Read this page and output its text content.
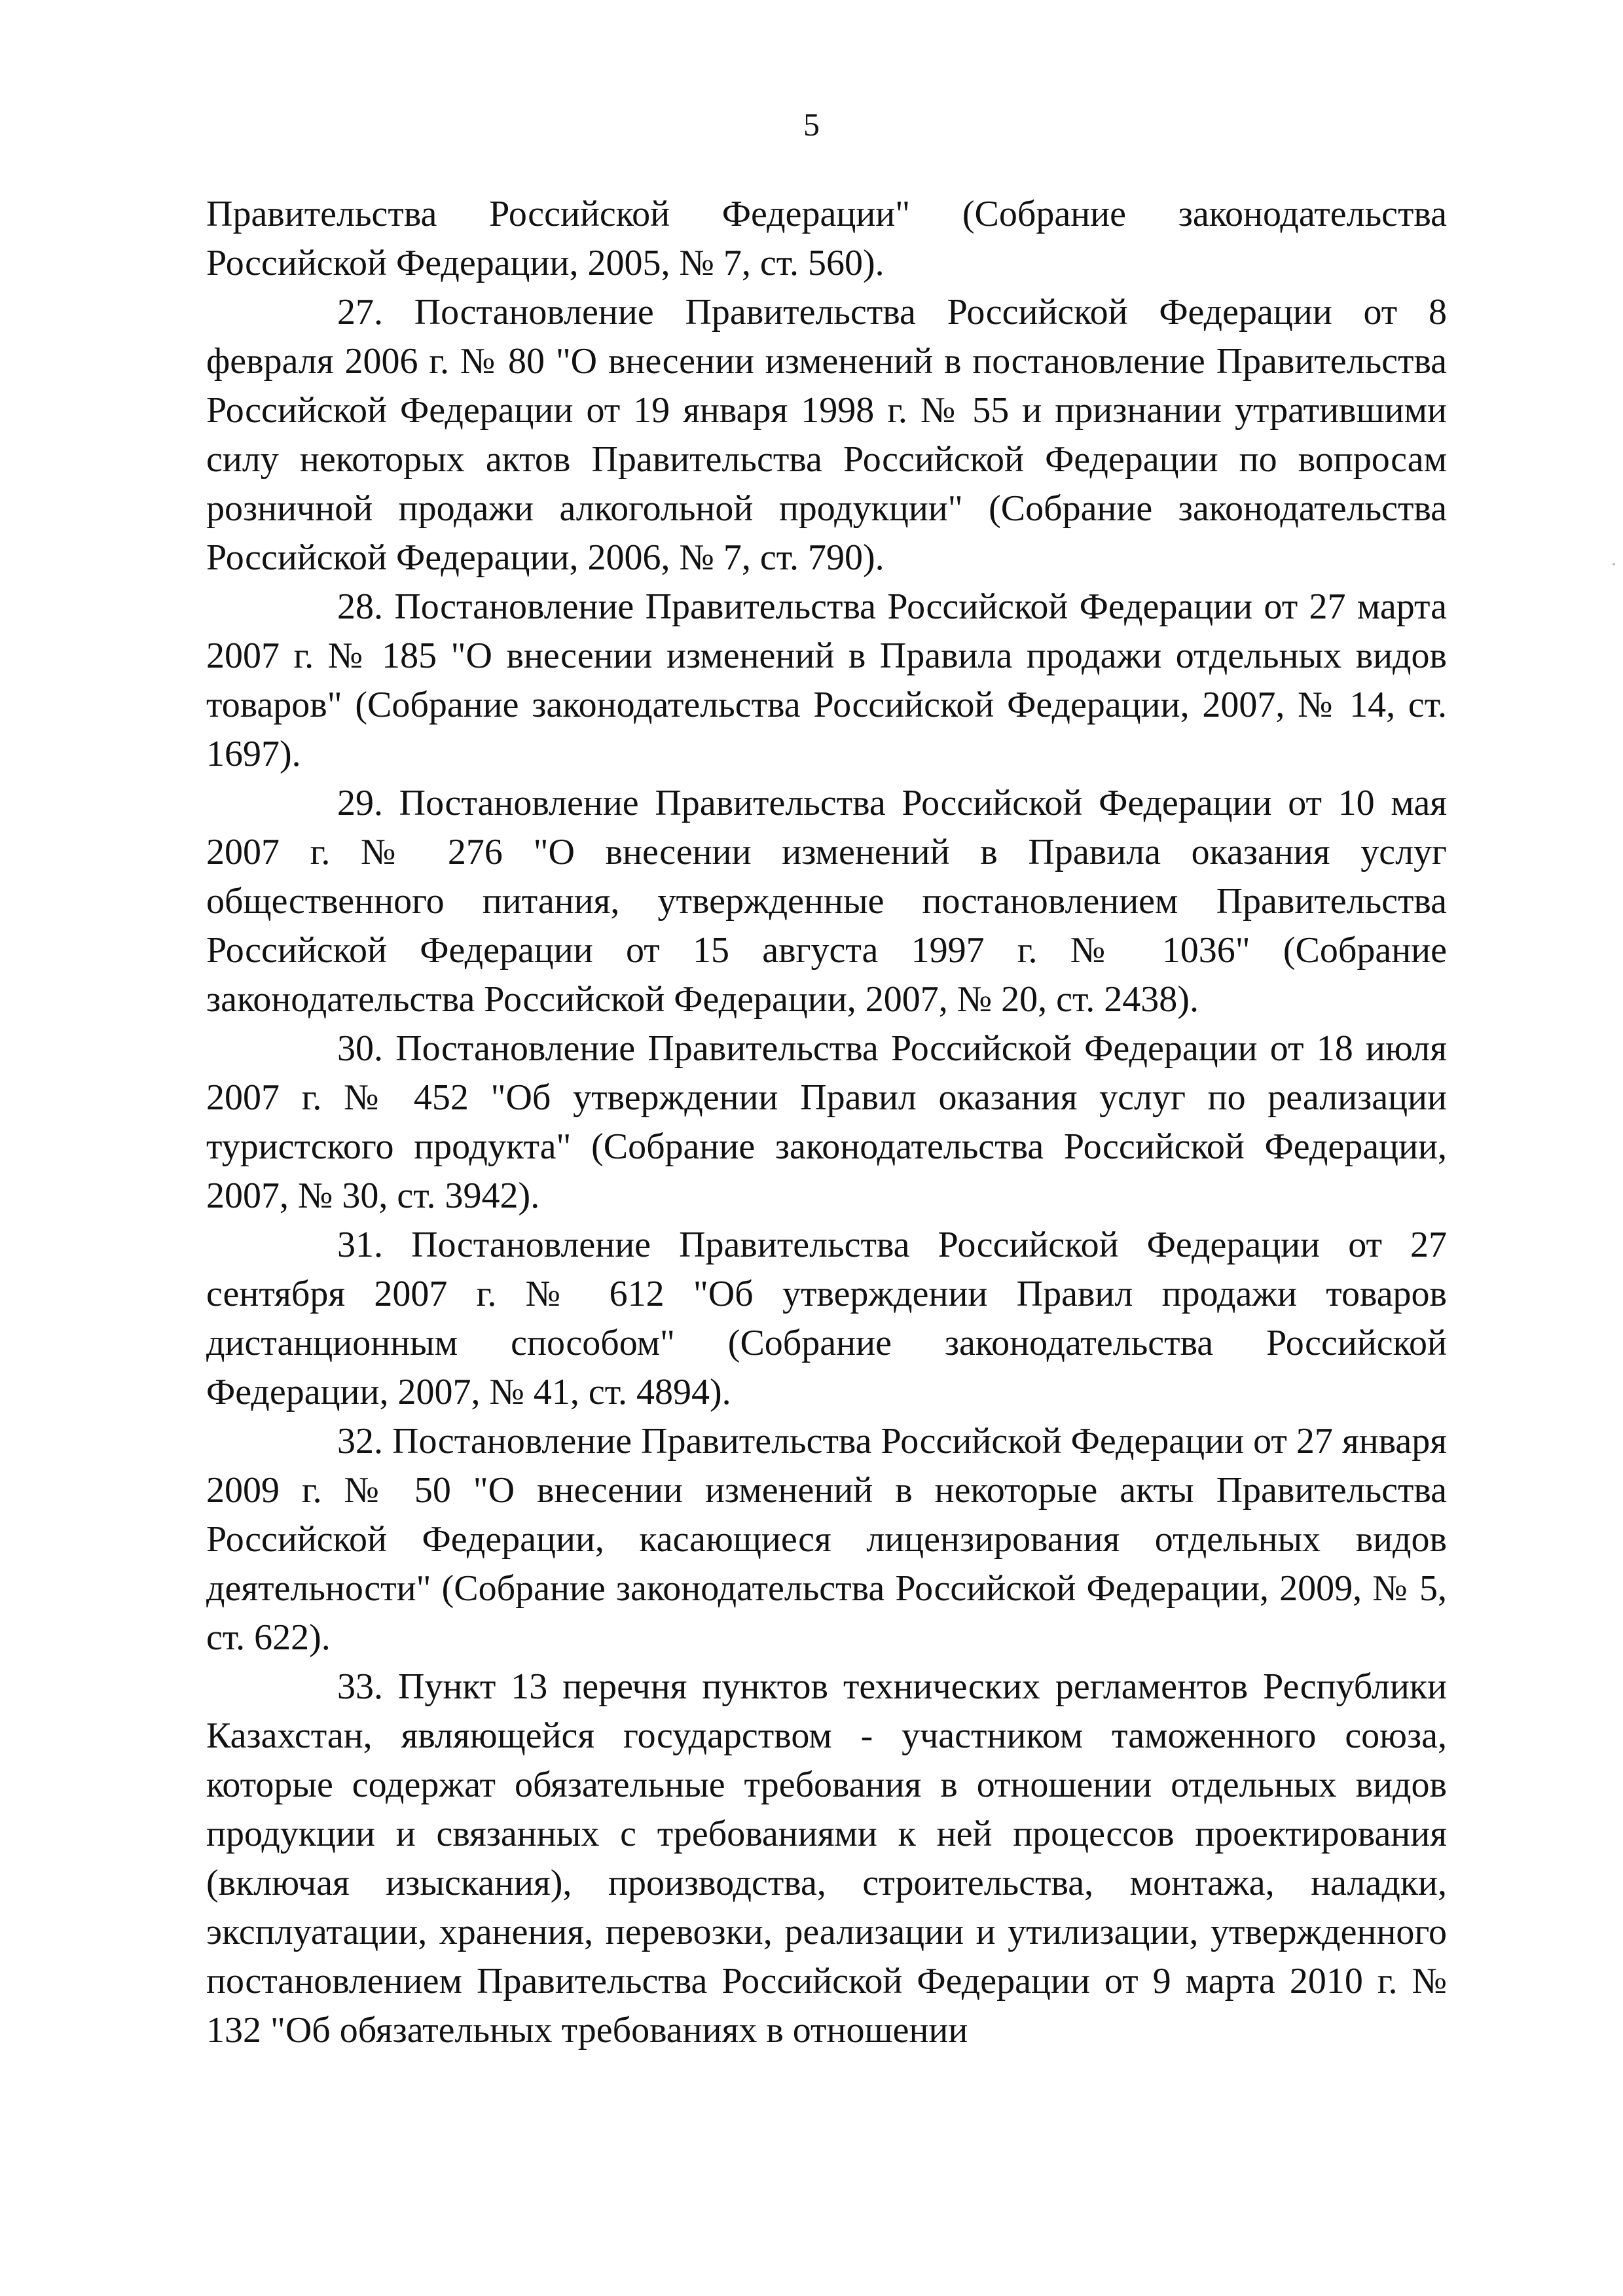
5

Правительства Российской Федерации" (Собрание законодательства Российской Федерации, 2005, № 7, ст. 560).

27. Постановление Правительства Российской Федерации от 8 февраля 2006 г. № 80 "О внесении изменений в постановление Правительства Российской Федерации от 19 января 1998 г. № 55 и признании утратившими силу некоторых актов Правительства Российской Федерации по вопросам розничной продажи алкогольной продукции" (Собрание законодательства Российской Федерации, 2006, № 7, ст. 790).

28. Постановление Правительства Российской Федерации от 27 марта 2007 г. № 185 "О внесении изменений в Правила продажи отдельных видов товаров" (Собрание законодательства Российской Федерации, 2007, № 14, ст. 1697).

29. Постановление Правительства Российской Федерации от 10 мая 2007 г. № 276 "О внесении изменений в Правила оказания услуг общественного питания, утвержденные постановлением Правительства Российской Федерации от 15 августа 1997 г. № 1036" (Собрание законодательства Российской Федерации, 2007, № 20, ст. 2438).

30. Постановление Правительства Российской Федерации от 18 июля 2007 г. № 452 "Об утверждении Правил оказания услуг по реализации туристского продукта" (Собрание законодательства Российской Федерации, 2007, № 30, ст. 3942).

31. Постановление Правительства Российской Федерации от 27 сентября 2007 г. № 612 "Об утверждении Правил продажи товаров дистанционным способом" (Собрание законодательства Российской Федерации, 2007, № 41, ст. 4894).

32. Постановление Правительства Российской Федерации от 27 января 2009 г. № 50 "О внесении изменений в некоторые акты Правительства Российской Федерации, касающиеся лицензирования отдельных видов деятельности" (Собрание законодательства Российской Федерации, 2009, № 5, ст. 622).

33. Пункт 13 перечня пунктов технических регламентов Республики Казахстан, являющейся государством - участником таможенного союза, которые содержат обязательные требования в отношении отдельных видов продукции и связанных с требованиями к ней процессов проектирования (включая изыскания), производства, строительства, монтажа, наладки, эксплуатации, хранения, перевозки, реализации и утилизации, утвержденного постановлением Правительства Российской Федерации от 9 марта 2010 г. № 132 "Об обязательных требованиях в отношении
